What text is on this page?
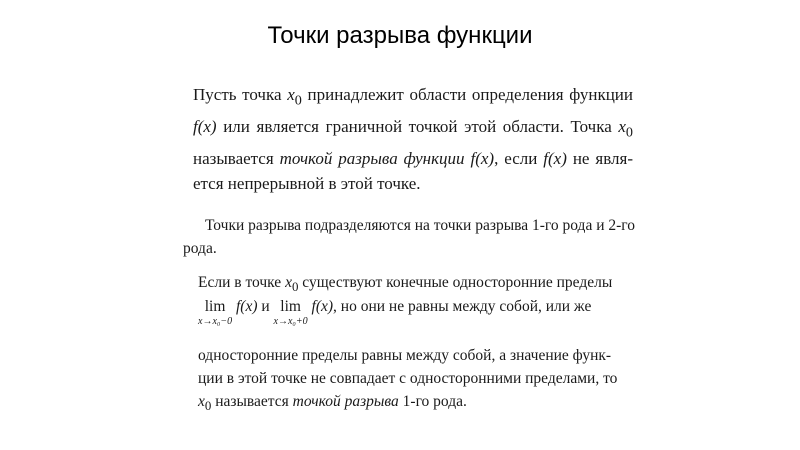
Точки разрыва функции
Пусть точка $x_0$ принадлежит области определения функции
f(x) или является граничной точкой этой области. Точка $x_0$
называется точкой разрыва функции f(x), если f(x) не явля-
ется непрерывной в этой точке.
Точки разрыва подразделяются на точки разрыва 1-го рода и 2-го
рода.
Если в точке $x_0$ существуют конечные односторонние пределы
lim
x→x₀−0
f(x) и lim
x→x₀+0
f(x), но они не равны между собой, или же
односторонние пределы равны между собой, а значение функ-
ции в этой точке не совпадает с односторонними пределами, то
$x_0$ называется точкой разрыва 1-го рода.
